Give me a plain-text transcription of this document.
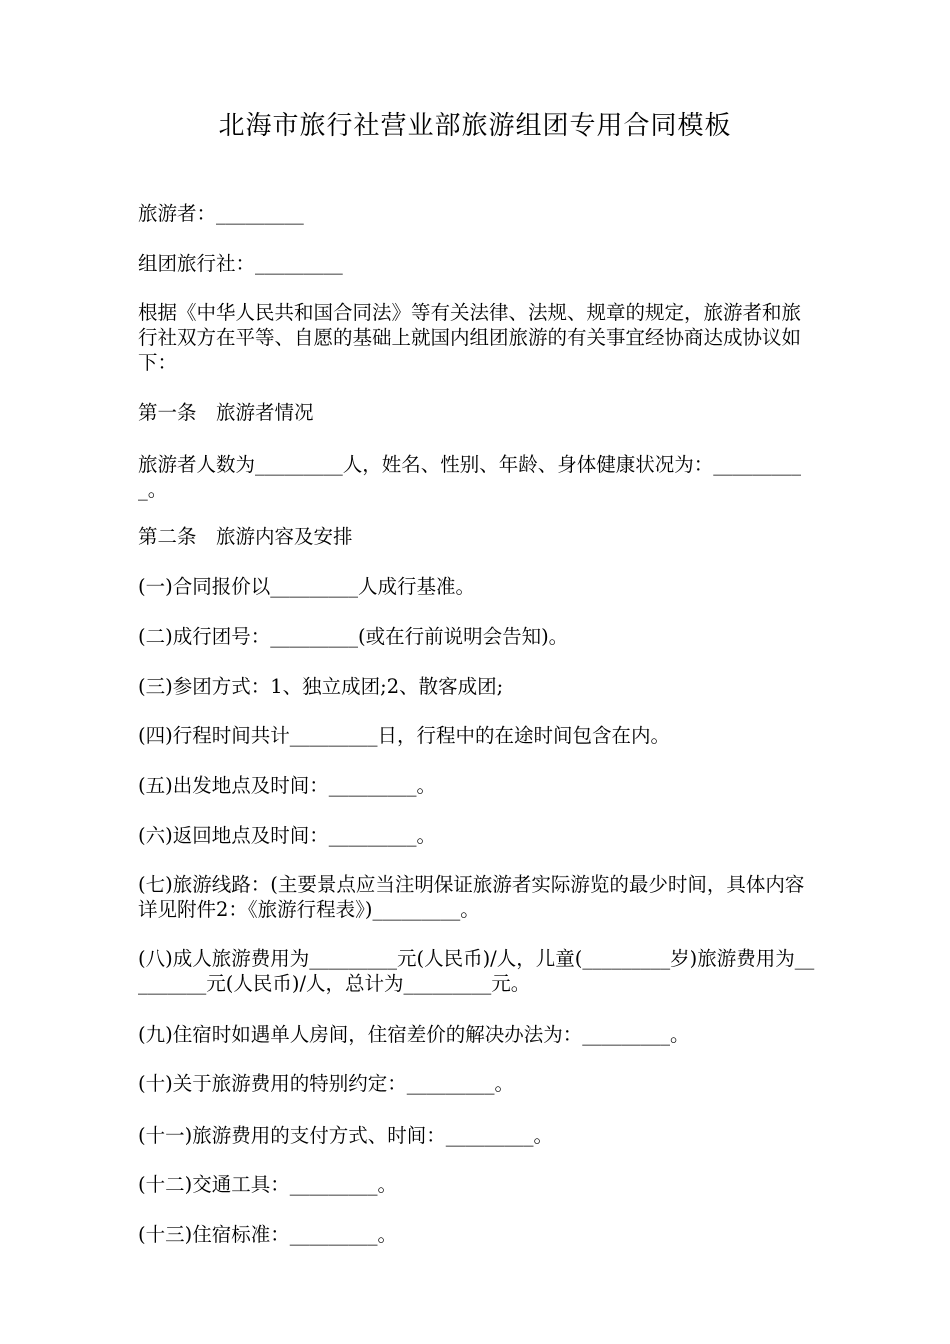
北海市旅行社营业部旅游组团专用合同模板

旅游者：_________

组团旅行社：_________

根据《中华人民共和国合同法》等有关法律、法规、规章的规定，旅游者和旅行社双方在平等、自愿的基础上就国内组团旅游的有关事宜经协商达成协议如下：

第一条　旅游者情况

旅游者人数为_________人，姓名、性别、年龄、身体健康状况为：__________。

第二条　旅游内容及安排

(一)合同报价以_________人成行基准。

(二)成行团号：_________(或在行前说明会告知)。

(三)参团方式：1、独立成团;2、散客成团;

(四)行程时间共计_________日，行程中的在途时间包含在内。

(五)出发地点及时间：_________。

(六)返回地点及时间：_________。

(七)旅游线路：(主要景点应当注明保证旅游者实际游览的最少时间，具体内容详见附件2：《旅游行程表》)_________。

(八)成人旅游费用为_________元(人民币)/人，儿童(_________岁)旅游费用为_________元(人民币)/人，总计为_________元。

(九)住宿时如遇单人房间，住宿差价的解决办法为：_________。

(十)关于旅游费用的特别约定：_________。

(十一)旅游费用的支付方式、时间：_________。

(十二)交通工具：_________。

(十三)住宿标准：_________。
